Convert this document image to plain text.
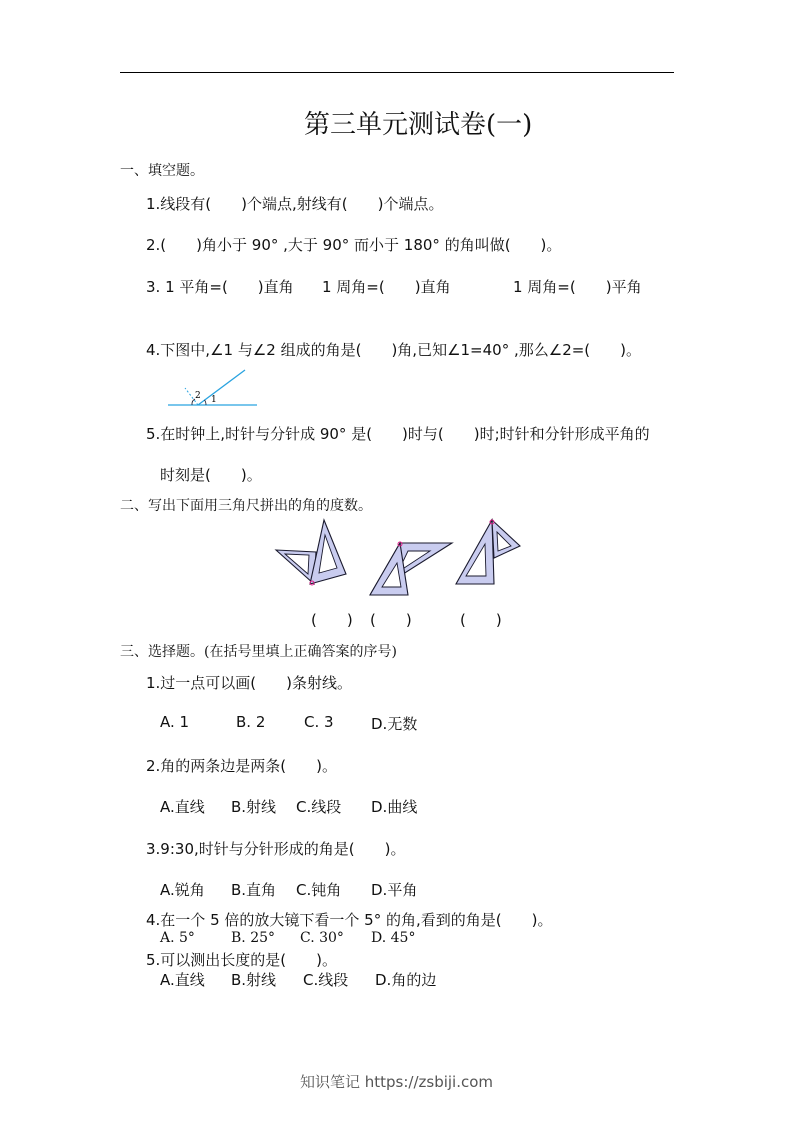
第三单元测试卷(一)
一、填空题。
1.线段有(　　)个端点,射线有(　　)个端点。
2.(　　)角小于 90° ,大于 90° 而小于 180° 的角叫做(　　)。
3. 1 平角=(　　)直角 1 周角=(　　)直角	1 周角=(　　)平角
4.下图中,∠1 与∠2 组成的角是(　　)角,已知∠1=40° ,那么∠2=(　　)。
1
2
5.在时钟上,时针与分针成 90° 是(　　)时与(　　)时;时针和分针形成平角的
时刻是(　　)。
二、写出下面用三角尺拼出的角的度数。
(　　) (　　)	(　　)
三、选择题。(在括号里填上正确答案的序号)
1.过一点可以画(　　)条射线。
A. 1	B. 2	C. 3 D.无数
2.角的两条边是两条(　　)。
A.直线 B.射线 C.线段 D.曲线
3.9:30,时针与分针形成的角是(　　)。
A.锐角 B.直角 C.钝角 D.平角
4.在一个 5 倍的放大镜下看一个 5° 的角,看到的角是(　　)。
A. 5°	B. 25° C. 30° D. 45°
5.可以测出长度的是(　　)。
A.直线 B.射线 C.线段 D.角的边
知识笔记 https://zsbiji.com
